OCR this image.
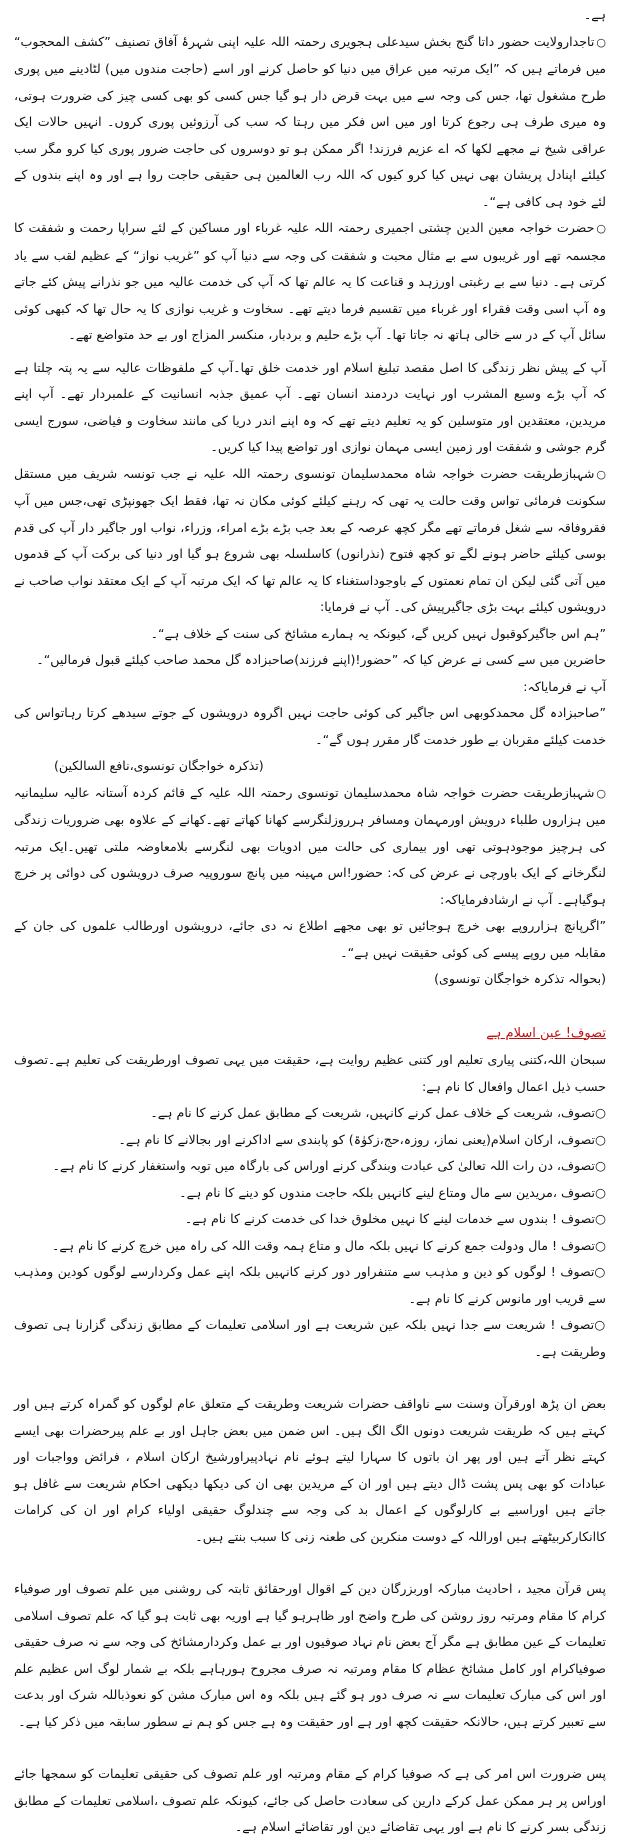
ہے۔

○تاجدارولایت حضور داتا گنج بخش سیدعلی ہجویری رحمتہ اللہ علیہ اپنی شہرۂ آفاق تصنیف ”کشف المحجوب“ میں فرماتے ہیں کہ ”ایک مرتبہ میں عراق میں دنیا کو حاصل کرنے اور اسے (حاجت مندوں میں) لٹادینے میں پوری طرح مشغول تھا، جس کی وجہ سے میں بہت قرض دار ہو گیا جس کسی کو بھی کسی چیز کی ضرورت ہوتی، وہ میری طرف ہی رجوع کرتا اور میں اس فکر میں رہتا کہ سب کی آرزوئیں پوری کروں۔ انہیں حالات ایک عراقی شیخ نے مجھے لکھا کہ اے عزیم فرزند! اگر ممکن ہو تو دوسروں کی حاجت ضرور پوری کیا کرو مگر سب کیلئے اپنادل پریشان بھی نہیں کیا کرو کیوں کہ اللہ رب العالمین ہی حقیقی حاجت روا ہے اور وہ اپنے بندوں کے لئے خود ہی کافی ہے“۔

○حضرت خواجہ معین الدین چشتی اجمیری رحمتہ اللہ علیہ غرباء اور مساکین کے لئے سراپا رحمت و شفقت کا مجسمہ تھے اور غریبوں سے بے مثال محبت و شفقت کی وجہ سے دنیا آپ کو ”غریب نواز“ کے عظیم لقب سے یاد کرتی ہے۔ دنیا سے بے رغبتی اورزہد و قناعت کا یہ عالم تھا کہ آپ کی خدمت عالیہ میں جو نذرانے پیش کئے جاتے وہ آپ اسی وقت فقراء اور غرباء میں تقسیم فرما دیتے تھے۔ سخاوت و غریب نوازی کا یہ حال تھا کہ کبھی کوئی سائل آپ کے در سے خالی ہاتھ نہ جاتا تھا۔ آپ بڑے حلیم و بردبار، منکسر المزاج اور بے حد متواضع تھے۔

آپ کے پیش نظر زندگی کا اصل مقصد تبلیغ اسلام اور خدمت خلق تھا۔آپ کے ملفوظات عالیہ سے یہ پتہ چلتا ہے کہ آپ بڑے وسیع المشرب اور نہایت دردمند انسان تھے۔ آپ عمیق جذبہ انسانیت کے علمبردار تھے۔ آپ اپنے مریدین، معتقدین اور متوسلین کو یہ تعلیم دیتے تھے کہ وہ اپنے اندر دریا کی مانند سخاوت و فیاضی، سورج ایسی گرم جوشی و شفقت اور زمین ایسی مہمان نوازی اور تواضع پیدا کیا کریں۔

○شہبازطریقت حضرت خواجہ شاہ محمدسلیمان تونسوی رحمتہ اللہ علیہ نے جب تونسہ شریف میں مستقل سکونت فرمائی تواس وقت حالت یہ تھی کہ رہنے کیلئے کوئی مکان نہ تھا، فقط ایک جھونپڑی تھی،جس میں آپ فقروفاقہ سے شغل فرماتے تھے مگر کچھ عرصہ کے بعد جب بڑے بڑے امراء، وزراء، نواب اور جاگیر دار آپ کی قدم بوسی کیلئے حاضر ہونے لگے تو کچھ فتوح (نذرانوں) کاسلسلہ بھی شروع ہو گیا اور دنیا کی برکت آپ کے قدموں میں آتی گئی لیکن ان تمام نعمتوں کے باوجوداستغناء کا یہ عالم تھا کہ ایک مرتبہ آپ کے ایک معتقد نواب صاحب نے درویشوں کیلئے بہت بڑی جاگیرپیش کی۔ آپ نے فرمایا:

”ہم اس جاگیرکوقبول نہیں کریں گے، کیونکہ یہ ہمارے مشائخ کی سنت کے خلاف ہے“۔

حاضرین میں سے کسی نے عرض کیا کہ ”حضور!(اپنے فرزند)صاحبزادہ گل محمد صاحب کیلئے قبول فرمالیں“۔

آپ نے فرمایاکہ:

”صاحبزادہ گل محمدکوبھی اس جاگیر کی کوئی حاجت نہیں اگروہ درویشوں کے جوتے سیدھے کرتا رہاتواس کی خدمت کیلئے مقربان بے طور خدمت گار مقرر ہوں گے“۔

(تذکرہ خواجگان تونسوی،نافع السالکین)

○شہبازطریقت حضرت خواجہ شاہ محمدسلیمان تونسوی رحمتہ اللہ علیہ کے قائم کردہ آستانہ عالیہ سلیمانیہ میں ہزاروں طلباء درویش اورمہمان ومسافر ہرروزلنگرسے کھانا کھاتے تھے۔کھانے کے علاوہ بھی ضروریات زندگی کی ہرچیز موجودہوتی تھی اور بیماری کی حالت میں ادویات بھی لنگرسے بلامعاوضہ ملتی تھیں۔ایک مرتبہ لنگرخانے کے ایک باورچی نے عرض کی کہ: حضور!اس مہینہ میں پانچ سوروپیہ صرف درویشوں کی دوائی پر خرچ ہوگیاہے۔ آپ نے ارشادفرمایاکہ:

”اگرپانچ ہزارروپے بھی خرچ ہوجائیں تو بھی مجھے اطلاع نہ دی جائے، درویشوں اورطالب علموں کی جان کے مقابلہ میں روپے پیسے کی کوئی حقیقت نہیں ہے“۔

(بحوالہ تذکرہ خواجگان تونسوی)

تصوف! عین اسلام ہے

سبحان اللہ،کتنی پیاری تعلیم اور کتنی عظیم روایت ہے، حقیقت میں یہی تصوف اورطریقت کی تعلیم ہے۔تصوف حسب ذیل اعمال وافعال کا نام ہے:

○تصوف، شریعت کے خلاف عمل کرنے کانہیں، شریعت کے مطابق عمل کرنے کا نام ہے۔
○تصوف، ارکان اسلام(یعنی نماز، روزہ،حج،زکوٰۃ) کو پابندی سے اداکرنے اور بجالانے کا نام ہے۔
○تصوف، دن رات اللہ تعالیٰ کی عبادت وبندگی کرنے اوراس کی بارگاہ میں توبہ واستغفار کرنے کا نام ہے۔
○تصوف ،مریدین سے مال ومتاع لینے کانہیں بلکہ حاجت مندوں کو دینے کا نام ہے۔
○تصوف ! بندوں سے خدمات لینے کا نہیں مخلوق خدا کی خدمت کرنے کا نام ہے۔
○تصوف ! مال ودولت جمع کرنے کا نہیں بلکہ مال و متاع ہمہ وقت اللہ کی راہ میں خرچ کرنے کا نام ہے۔
○تصوف ! لوگوں کو دین و مذہب سے متنفراور دور کرنے کانہیں بلکہ اپنے عمل وکردارسے لوگوں کودین ومذہب سے قریب اور مانوس کرنے کا نام ہے۔
○تصوف ! شریعت سے جدا نہیں بلکہ عین شریعت ہے اور اسلامی تعلیمات کے مطابق زندگی گزارنا ہی تصوف وطریقت ہے۔

بعض ان پڑھ اورقرآن وسنت سے ناواقف حضرات شریعت وطریقت کے متعلق عام لوگوں کو گمراہ کرتے ہیں اور کہتے ہیں کہ طریقت شریعت دونوں الگ الگ ہیں۔ اس ضمن میں بعض جاہل اور بے علم پیرحضرات بھی ایسے کہتے نظر آتے ہیں اور پھر ان باتوں کا سہارا لیتے ہوئے نام نہادپیراورشیخ ارکان اسلام ، فرائض وواجبات اور عبادات کو بھی پس پشت ڈال دیتے ہیں اور ان کے مریدین بھی ان کی دیکھا دیکھی احکام شریعت سے غافل ہو جاتے ہیں اوراسیے بے کارلوگوں کے اعمال بد کی وجہ سے چندلوگ حقیقی اولیاء کرام اور ان کی کرامات کاانکارکربیٹھتے ہیں اوراللہ کے دوست منکرین کی طعنہ زنی کا سبب بنتے ہیں۔

پس قرآن مجید ، احادیث مبارکہ اوربزرگان دین کے اقوال اورحقائق ثابتہ کی روشنی میں علم تصوف اور صوفیاء کرام کا مقام ومرتبہ روز روشن کی طرح واضح اور ظاہرہو گیا ہے اوریہ بھی ثابت ہو گیا کہ علم تصوف اسلامی تعلیمات کے عین مطابق ہے مگر آج بعض نام نہاد صوفیوں اور بے عمل وکردارمشائخ کی وجہ سے نہ صرف حقیقی صوفیاکرام اور کامل مشائخ عظام کا مقام ومرتبہ نہ صرف مجروح ہورہاہے بلکہ بے شمار لوگ اس عظیم علم اور اس کی مبارک تعلیمات سے نہ صرف دور ہو گئے ہیں بلکہ وہ اس مبارک مشن کو نعوذباللہ شرک اور بدعت سے تعبیر کرتے ہیں، حالانکہ حقیقت کچھ اور ہے اور حقیقت وہ ہے جس کو ہم نے سطور سابقہ میں ذکر کیا ہے۔

پس ضرورت اس امر کی ہے کہ صوفیا کرام کے مقام ومرتبہ اور علم تصوف کی حقیقی تعلیمات کو سمجھا جائے اوراس پر ہر ممکن عمل کرکے دارین کی سعادت حاصل کی جائے، کیونکہ علم تصوف ،اسلامی تعلیمات کے مطابق زندگی بسر کرنے کا نام ہے اور یہی تقاضائے دین اور تقاضائے اسلام ہے۔
